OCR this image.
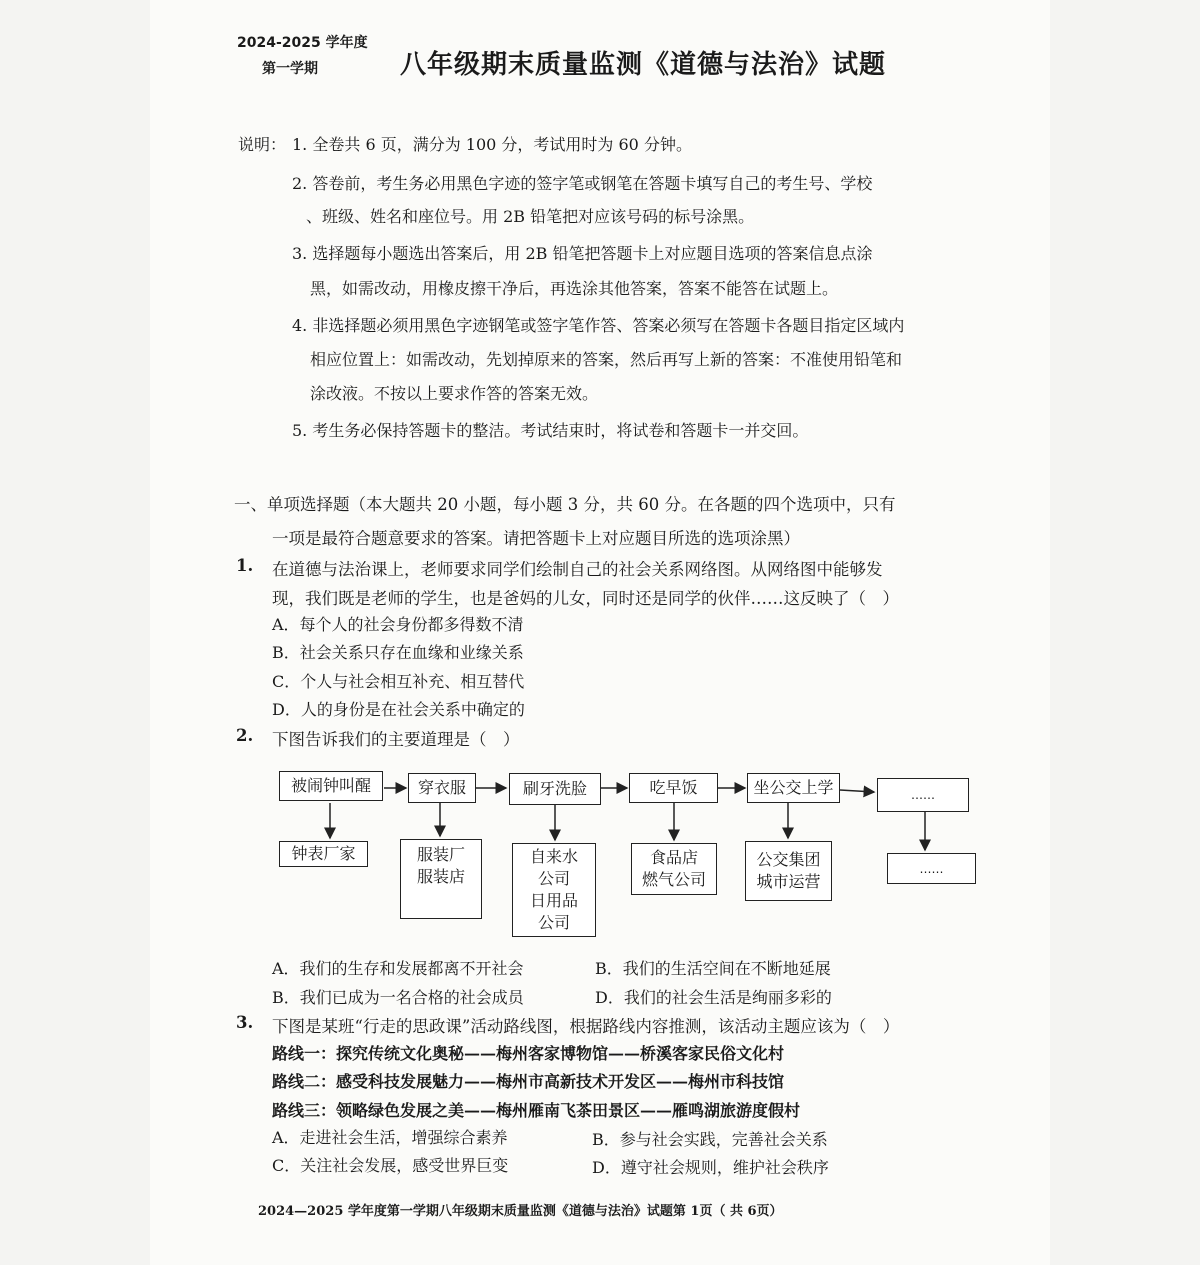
2024-2025 学年度
第一学期	八年级期末质量监测《道德与法治》试题
说明： 1. 全卷共 6 页，满分为 100 分，考试用时为 60 分钟。
2. 答卷前，考生务必用黑色字迹的签字笔或钢笔在答题卡填写自己的考生号、学校
、班级、姓名和座位号。用 2B 铅笔把对应该号码的标号涂黑。
3. 选择题每小题选出答案后，用 2B 铅笔把答题卡上对应题目选项的答案信息点涂
黑，如需改动，用橡皮擦干净后，再选涂其他答案，答案不能答在试题上。
4. 非选择题必须用黑色字迹钢笔或签字笔作答、答案必须写在答题卡各题目指定区域内
相应位置上：如需改动，先划掉原来的答案，然后再写上新的答案：不准使用铅笔和
涂改液。不按以上要求作答的答案无效。
5. 考生务必保持答题卡的整洁。考试结束时，将试卷和答题卡一并交回。
一、单项选择题（本大题共 20 小题，每小题 3 分，共 60 分。在各题的四个选项中，只有
一项是最符合题意要求的答案。请把答题卡上对应题目所选的选项涂黑）
1. 在道德与法治课上，老师要求同学们绘制自己的社会关系网络图。从网络图中能够发
现，我们既是老师的学生，也是爸妈的儿女，同时还是同学的伙伴……这反映了（　）
A．每个人的社会身份都多得数不清
B．社会关系只存在血缘和业缘关系
C．个人与社会相互补充、相互替代
D．人的身份是在社会关系中确定的
2. 下图告诉我们的主要道理是（　）
被闹钟叫醒	穿衣服	刷牙洗脸	吃早饭	坐公交上学	……
钟表厂家	服装厂
服装店
自来水
公司
日用品
公司
食品店
燃气公司
公交集团
城市运营
……
A．我们的生存和发展都离不开社会	B．我们的生活空间在不断地延展
B．我们已成为一名合格的社会成员	D．我们的社会生活是绚丽多彩的
3. 下图是某班“行走的思政课”活动路线图，根据路线内容推测，该活动主题应该为（　）
路线一：探究传统文化奥秘——梅州客家博物馆——桥溪客家民俗文化村
路线二：感受科技发展魅力——梅州市高新技术开发区——梅州市科技馆
路线三：领略绿色发展之美——梅州雁南飞茶田景区——雁鸣湖旅游度假村
A．走进社会生活，增强综合素养	B．参与社会实践，完善社会关系
C．关注社会发展，感受世界巨变	D．遵守社会规则，维护社会秩序
2024—2025 学年度第一学期八年级期末质量监测《道德与法治》试题第 1页（ 共 6页）
